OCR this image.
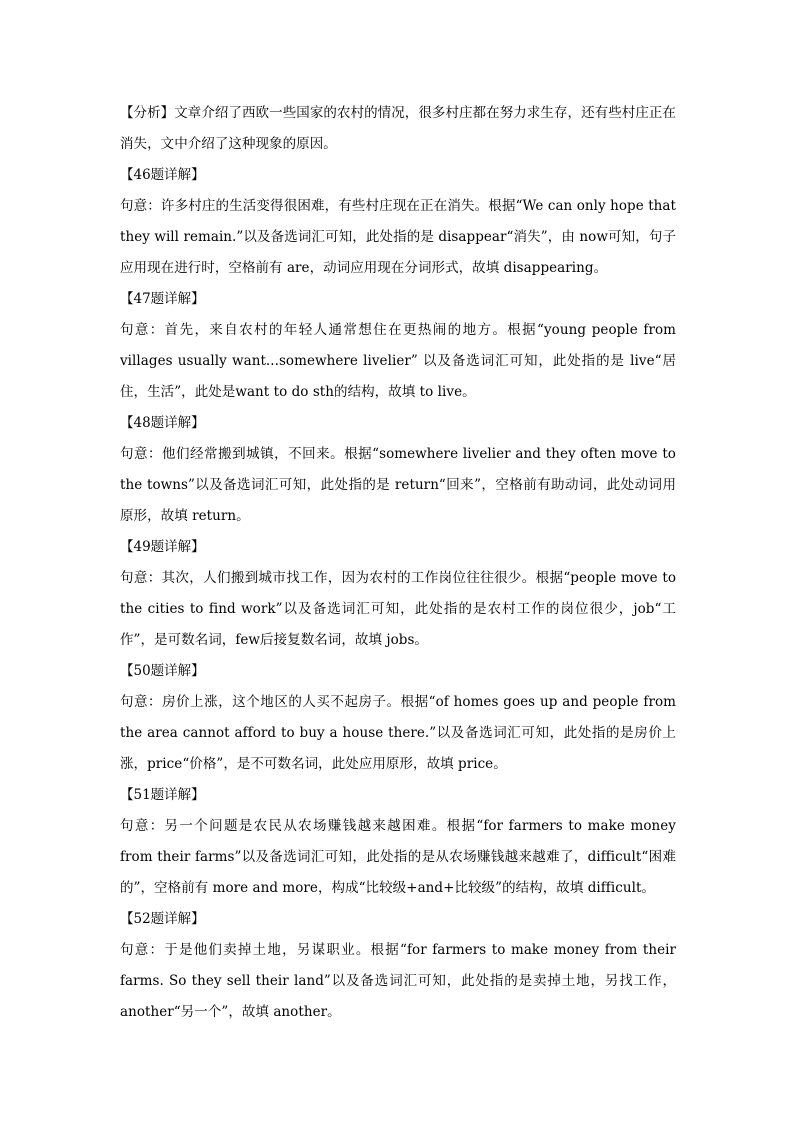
【分析】文章介绍了西欧一些国家的农村的情况，很多村庄都在努力求生存，还有些村庄正在消失，文中介绍了这种现象的原因。

【46题详解】

句意：许多村庄的生活变得很困难，有些村庄现在正在消失。根据“We can only hope that they will remain.”以及备选词汇可知，此处指的是 disappear“消失”，由 now可知，句子应用现在进行时，空格前有 are，动词应用现在分词形式，故填 disappearing。

【47题详解】

句意：首先，来自农村的年轻人通常想住在更热闹的地方。根据“young people from villages usually want...somewhere livelier” 以及备选词汇可知，此处指的是 live“居住，生活”，此处是want to do sth的结构，故填 to live。

【48题详解】

句意：他们经常搬到城镇，不回来。根据“somewhere livelier and they often move to the towns”以及备选词汇可知，此处指的是 return“回来”，空格前有助动词，此处动词用原形，故填 return。

【49题详解】

句意：其次，人们搬到城市找工作，因为农村的工作岗位往往很少。根据“people move to the cities to find work”以及备选词汇可知，此处指的是农村工作的岗位很少，job“工作”，是可数名词，few后接复数名词，故填 jobs。

【50题详解】

句意：房价上涨，这个地区的人买不起房子。根据“of homes goes up and people from the area cannot afford to buy a house there.”以及备选词汇可知，此处指的是房价上涨，price“价格”，是不可数名词，此处应用原形，故填 price。

【51题详解】

句意：另一个问题是农民从农场赚钱越来越困难。根据“for farmers to make money from their farms”以及备选词汇可知，此处指的是从农场赚钱越来越难了，difficult“困难的”，空格前有 more and more，构成“比较级+and+比较级”的结构，故填 difficult。

【52题详解】

句意：于是他们卖掉土地，另谋职业。根据“for farmers to make money from their farms. So they sell their land”以及备选词汇可知，此处指的是卖掉土地，另找工作，another“另一个”，故填 another。
